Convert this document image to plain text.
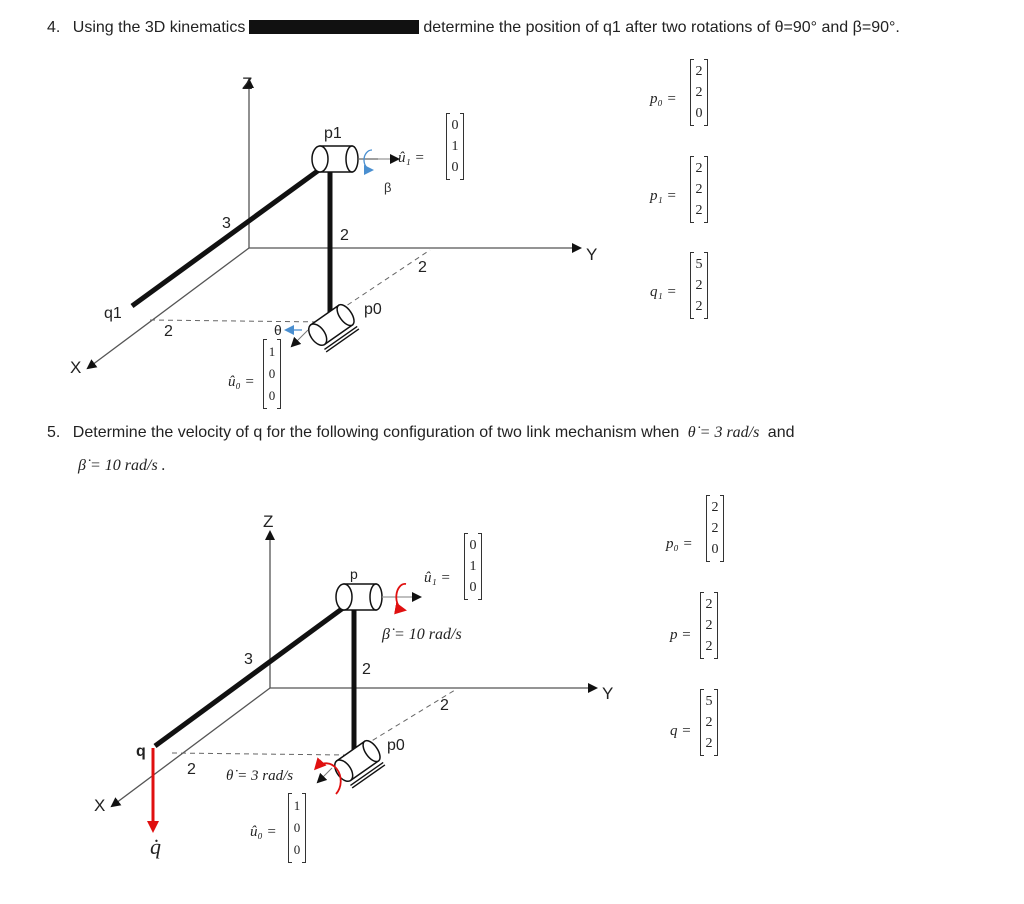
4. Using the 3D kinematics	determine the position of q1 after two rotations of θ=90° and β=90°.
Z
Y
X
p1
p0
q1
3
2
2
2
θ
β
û₁ =
0
1
0
û₀ =
1
0
0
p₀ =
2
2
0
p₁ =
2
2
2
q₁ =
5
2
2
5. Determine the velocity of q for the following configuration of two link mechanism when θ̇ = 3 rad/s and
β̇ = 10 rad/s .
Z
Y
X
p
p0
q
3
2
2
2
β̇ = 10 rad/s
θ̇ = 3 rad/s
û₁ =
0
1
0
û₀ =
1
0
0
q̇
p₀ =
2
2
0
p =
2
2
2
q =
5
2
2
